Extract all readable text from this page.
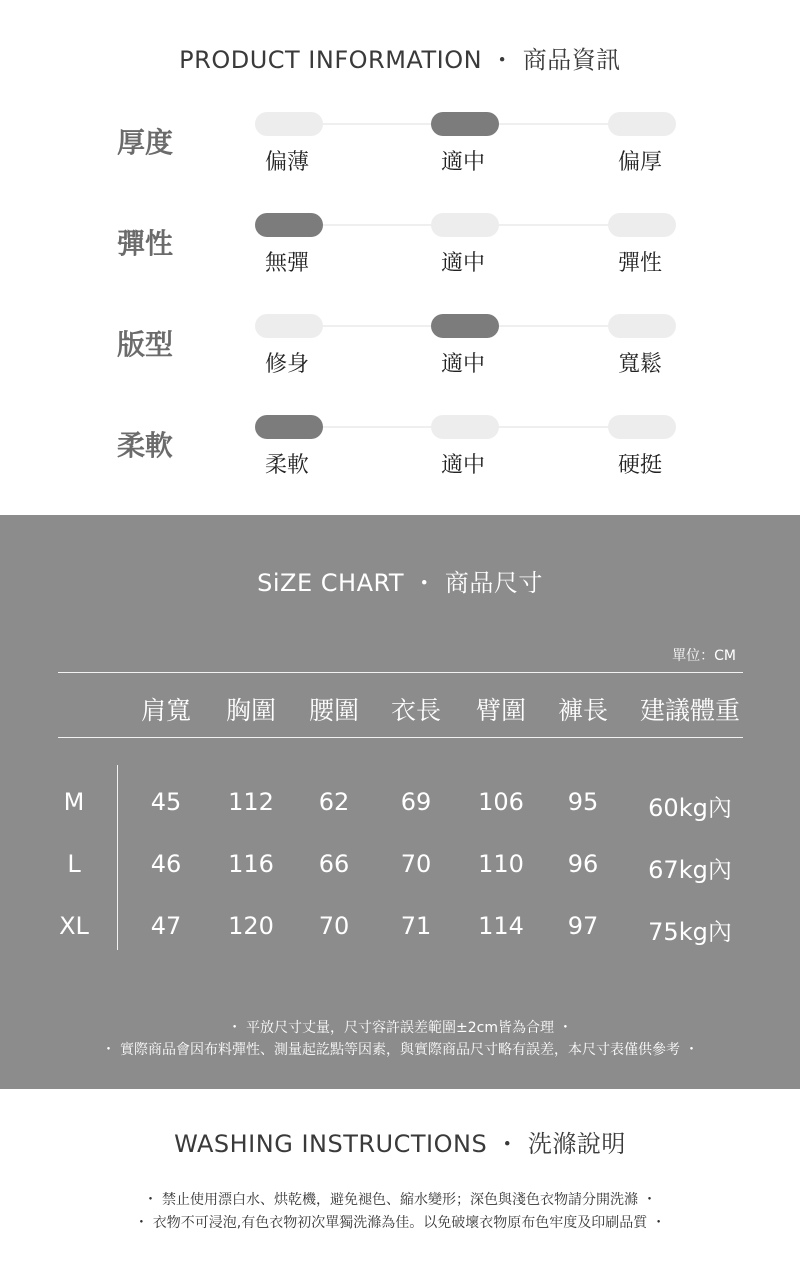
PRODUCT INFORMATION ・ 商品資訊
厚度
偏薄	適中	偏厚
彈性
無彈	適中	彈性
版型
修身	適中	寬鬆
柔軟
柔軟	適中	硬挺
SiZE CHART ・ 商品尺寸
單位：CM
肩寬 胸圍 腰圍 衣長 臂圍 褲長 建議體重
M	45 112 62 69 106 95 60kg內
L	46 116 66 70 110 96 67kg內
XL	47 120 70 71 114 97 75kg內
・ 平放尺寸丈量，尺寸容許誤差範圍±2cm皆為合理 ・
・ 實際商品會因布料彈性、測量起訖點等因素，與實際商品尺寸略有誤差，本尺寸表僅供參考 ・
WASHING INSTRUCTIONS ・ 洗滌說明
・ 禁止使用漂白水、烘乾機，避免褪色、縮水變形；深色與淺色衣物請分開洗滌 ・
・ 衣物不可浸泡,有色衣物初次單獨洗滌為佳。以免破壞衣物原布色牢度及印刷品質 ・
